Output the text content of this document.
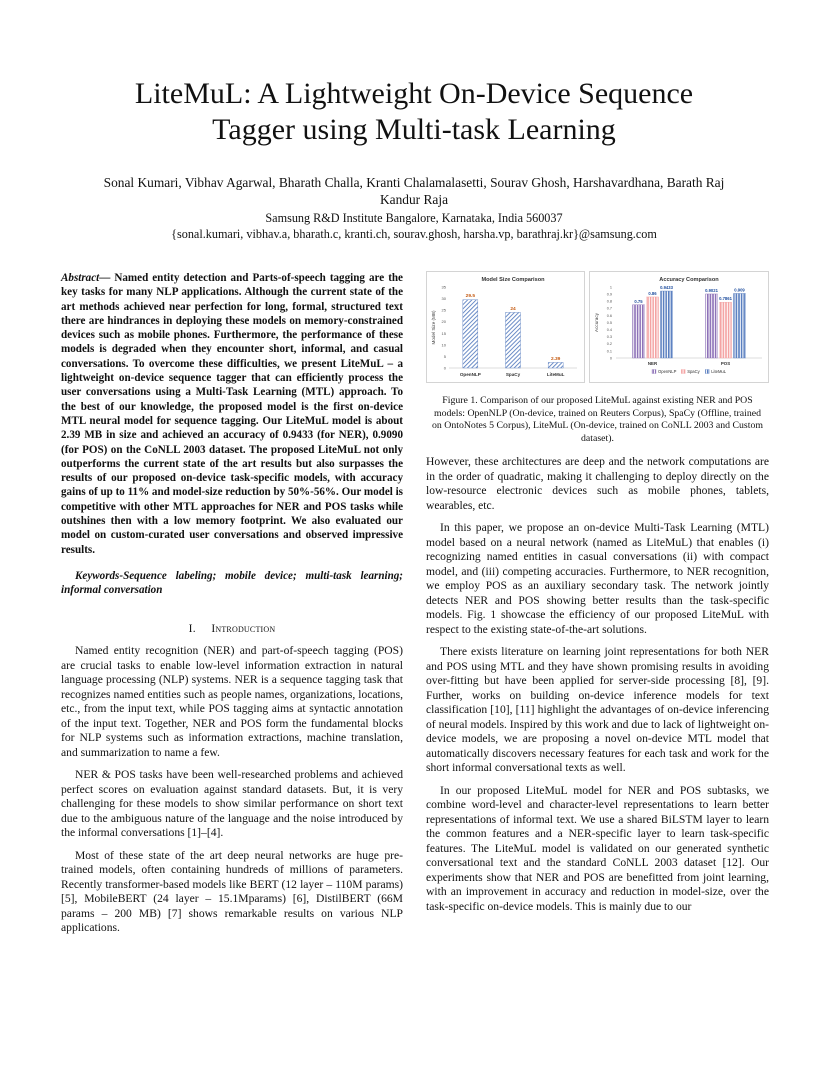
LiteMuL: A Lightweight On-Device Sequence
Tagger using Multi-task Learning
Sonal Kumari, Vibhav Agarwal, Bharath Challa, Kranti Chalamalasetti, Sourav Ghosh, Harshavardhana, Barath Raj
Kandur Raja
Samsung R&D Institute Bangalore, Karnataka, India 560037
{sonal.kumari, vibhav.a, bharath.c, kranti.ch, sourav.ghosh, harsha.vp, barathraj.kr}@samsung.com
Abstract— Named entity detection and Parts-of-speech tagging are the key tasks for many NLP applications. Although the current state of the art methods achieved near perfection for long, formal, structured text there are hindrances in deploying these models on memory-constrained devices such as mobile phones. Furthermore, the performance of these models is degraded when they encounter short, informal, and casual conversations. To overcome these difficulties, we present LiteMuL – a lightweight on-device sequence tagger that can efficiently process the user conversations using a Multi-Task Learning (MTL) approach. To the best of our knowledge, the proposed model is the first on-device MTL neural model for sequence tagging. Our LiteMuL model is about 2.39 MB in size and achieved an accuracy of 0.9433 (for NER), 0.9090 (for POS) on the CoNLL 2003 dataset. The proposed LiteMuL not only outperforms the current state of the art results but also surpasses the results of our proposed on-device task-specific models, with accuracy gains of up to 11% and model-size reduction by 50%-56%. Our model is competitive with other MTL approaches for NER and POS tasks while outshines then with a low memory footprint. We also evaluated our model on custom-curated user conversations and observed impressive results.
Keywords-Sequence labeling; mobile device; multi-task learning; informal conversation
I. Introduction

Named entity recognition (NER) and part-of-speech tagging (POS) are crucial tasks to enable low-level information extraction in natural language processing (NLP) systems. NER is a sequence tagging task that recognizes named entities such as people names, organizations, locations, etc., from the input text, while POS tagging aims at syntactic annotation of the input text. Together, NER and POS form the fundamental blocks for NLP systems such as information extractions, machine translation, and summarization to name a few.

NER & POS tasks have been well-researched problems and achieved perfect scores on evaluation against standard datasets. But, it is very challenging for these models to show similar performance on short text due to the ambiguous nature of the language and the noise introduced by the informal conversations [1]–[4].

Most of these state of the art deep neural networks are huge pre-trained models, often containing hundreds of millions of parameters. Recently transformer-based models like BERT (12 layer – 110M params) [5], MobileBERT (24 layer – 15.1Mparams) [6], DistilBERT (66M params – 200 MB) [7] shows remarkable results on various NLP applications.

Model Size Comparison
Model Size (MB)
0
5
10
15
20
25
30
35
29.5
OpenNLP
24
SpaCy
2.39
LiteMuL
Accuracy Comparison
Accuracy
0
0.1
0.2
0.3
0.4
0.5
0.6
0.7
0.8
0.9
1
0.75
0.86
0.9433
NER
0.9021
0.7861
0.909
POS
OpenNLP	SpaCy	LiteMuL
Figure 1. Comparison of our proposed LiteMuL against existing NER and POS models: OpenNLP (On-device, trained on Reuters Corpus), SpaCy (Offline, trained on OntoNotes 5 Corpus), LiteMuL (On-device, trained on CoNLL 2003 and Custom dataset).

However, these architectures are deep and the network computations are in the order of quadratic, making it challenging to deploy directly on the low-resource electronic devices such as mobile phones, tablets, wearables, etc.

In this paper, we propose an on-device Multi-Task Learning (MTL) model based on a neural network (named as LiteMuL) that enables (i) recognizing named entities in casual conversations (ii) with compact model, and (iii) competing accuracies. Furthermore, to NER recognition, we employ POS as an auxiliary secondary task. The network jointly detects NER and POS showing better results than the task-specific models. Fig. 1 showcase the efficiency of our proposed LiteMuL with respect to the existing state-of-the-art solutions.

There exists literature on learning joint representations for both NER and POS using MTL and they have shown promising results in avoiding over-fitting but have been applied for server-side processing [8], [9]. Further, works on building on-device inference models for text classification [10], [11] highlight the advantages of on-device inferencing of neural models. Inspired by this work and due to lack of lightweight on-device models, we are proposing a novel on-device MTL model that automatically discovers necessary features for each task and work for the short informal conversational texts as well.

In our proposed LiteMuL model for NER and POS subtasks, we combine word-level and character-level representations to learn better representations of informal text. We use a shared BiLSTM layer to learn the common features and a NER-specific layer to learn task-specific features. The LiteMuL model is validated on our generated synthetic conversational text and the standard CoNLL 2003 dataset [12]. Our experiments show that NER and POS are benefitted from joint learning, with an improvement in accuracy and reduction in model-size, over the task-specific on-device models. This is mainly due to our
